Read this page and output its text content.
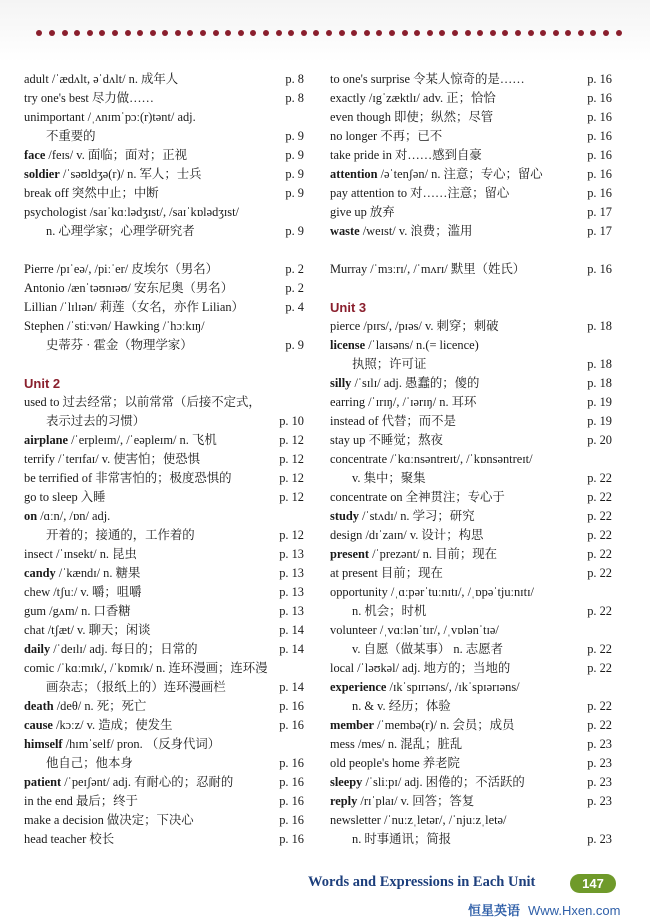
adult /ˈædʌlt, əˈdʌlt/ n. 成年人	p. 8
try one's best 尽力做……	p. 8
unimportant /ˌʌnɪmˈpɔː(r)tənt/ adj.
不重要的	p. 9
face /feɪs/ v. 面临；面对；正视	p. 9
soldier /ˈsəʊldʒə(r)/ n. 军人；士兵	p. 9
break off 突然中止；中断	p. 9
psychologist /saɪˈkɑːlədʒɪst/, /saɪˈkɒlədʒɪst/
n. 心理学家；心理学研究者	p. 9
Pierre /pɪˈeə/, /piːˈer/ 皮埃尔（男名）	p. 2
Antonio /ænˈtəʊnɪəʊ/ 安东尼奥（男名）	p. 2
Lillian /ˈlɪlɪən/ 莉莲（女名，亦作 Lilian）	p. 4
Stephen /ˈstiːvən/ Hawking /ˈhɔːkɪŋ/
史蒂芬 · 霍金（物理学家）	p. 9
Unit 2
used to 过去经常；以前常常（后接不定式，
表示过去的习惯）	p. 10
airplane /ˈerpleɪm/, /ˈeəpleɪm/ n. 飞机	p. 12
terrify /ˈterɪfaɪ/ v. 使害怕；使恐惧	p. 12
be terrified of 非常害怕的；极度恐惧的	p. 12
go to sleep 入睡	p. 12
on /ɑːn/, /ɒn/ adj.
开着的；接通的，工作着的	p. 12
insect /ˈɪnsekt/ n. 昆虫	p. 13
candy /ˈkændɪ/ n. 糖果	p. 13
chew /tʃuː/ v. 嚼；咀嚼	p. 13
gum /gʌm/ n. 口香糖	p. 13
chat /tʃæt/ v. 聊天；闲谈	p. 14
daily /ˈdeɪlɪ/ adj. 每日的；日常的	p. 14
comic /ˈkɑːmɪk/, /ˈkɒmɪk/ n. 连环漫画；连环漫
画杂志；（报纸上的）连环漫画栏	p. 14
death /deθ/ n. 死；死亡	p. 16
cause /kɔːz/ v. 造成；使发生	p. 16
himself /hɪmˈself/ pron. （反身代词）
他自己；他本身	p. 16
patient /ˈpeɪʃənt/ adj. 有耐心的；忍耐的	p. 16
in the end 最后；终于	p. 16
make a decision 做决定；下决心	p. 16
head teacher 校长	p. 16
to one's surprise 令某人惊奇的是……	p. 16
exactly /ɪgˈzæktlɪ/ adv. 正；恰恰	p. 16
even though 即使；纵然；尽管	p. 16
no longer 不再；已不	p. 16
take pride in 对……感到自豪	p. 16
attention /əˈtenʃən/ n. 注意；专心；留心	p. 16
pay attention to 对……注意；留心	p. 16
give up 放弃	p. 17
waste /weɪst/ v. 浪费；滥用	p. 17
Murray /ˈmɜːrɪ/, /ˈmʌrɪ/ 默里（姓氏）	p. 16
Unit 3
pierce /pɪrs/, /pɪəs/ v. 刺穿；刺破	p. 18
license /ˈlaɪsəns/ n.(= licence)
执照；许可证	p. 18
silly /ˈsɪlɪ/ adj. 愚蠢的；傻的	p. 18
earring /ˈɪrɪŋ/, /ˈɪərɪŋ/ n. 耳环	p. 19
instead of 代替；而不是	p. 19
stay up 不睡觉；熬夜	p. 20
concentrate /ˈkɑːnsəntreɪt/, /ˈkɒnsəntreɪt/
v. 集中；聚集	p. 22
concentrate on 全神贯注；专心于	p. 22
study /ˈstʌdɪ/ n. 学习；研究	p. 22
design /dɪˈzaɪn/ v. 设计；构思	p. 22
present /ˈprezənt/ n. 目前；现在	p. 22
at present 目前；现在	p. 22
opportunity /ˌɑːpərˈtuːnɪtɪ/, /ˌɒpəˈtjuːnɪtɪ/
n. 机会；时机	p. 22
volunteer /ˌvɑːlənˈtɪr/, /ˌvɒlənˈtɪə/
v. 自愿（做某事） n. 志愿者	p. 22
local /ˈləʊkəl/ adj. 地方的；当地的	p. 22
experience /ɪkˈspɪrɪəns/, /ɪkˈspɪərɪəns/
n. & v. 经历；体验	p. 22
member /ˈmembə(r)/ n. 会员；成员	p. 22
mess /mes/ n. 混乱；脏乱	p. 23
old people's home 养老院	p. 23
sleepy /ˈsliːpɪ/ adj. 困倦的；不活跃的	p. 23
reply /rɪˈplaɪ/ v. 回答；答复	p. 23
newsletter /ˈnuːzˌletər/, /ˈnjuːzˌletə/
n. 时事通讯；简报	p. 23
Words and Expressions in Each Unit	147
恒星英语 Www.Hxen.com
